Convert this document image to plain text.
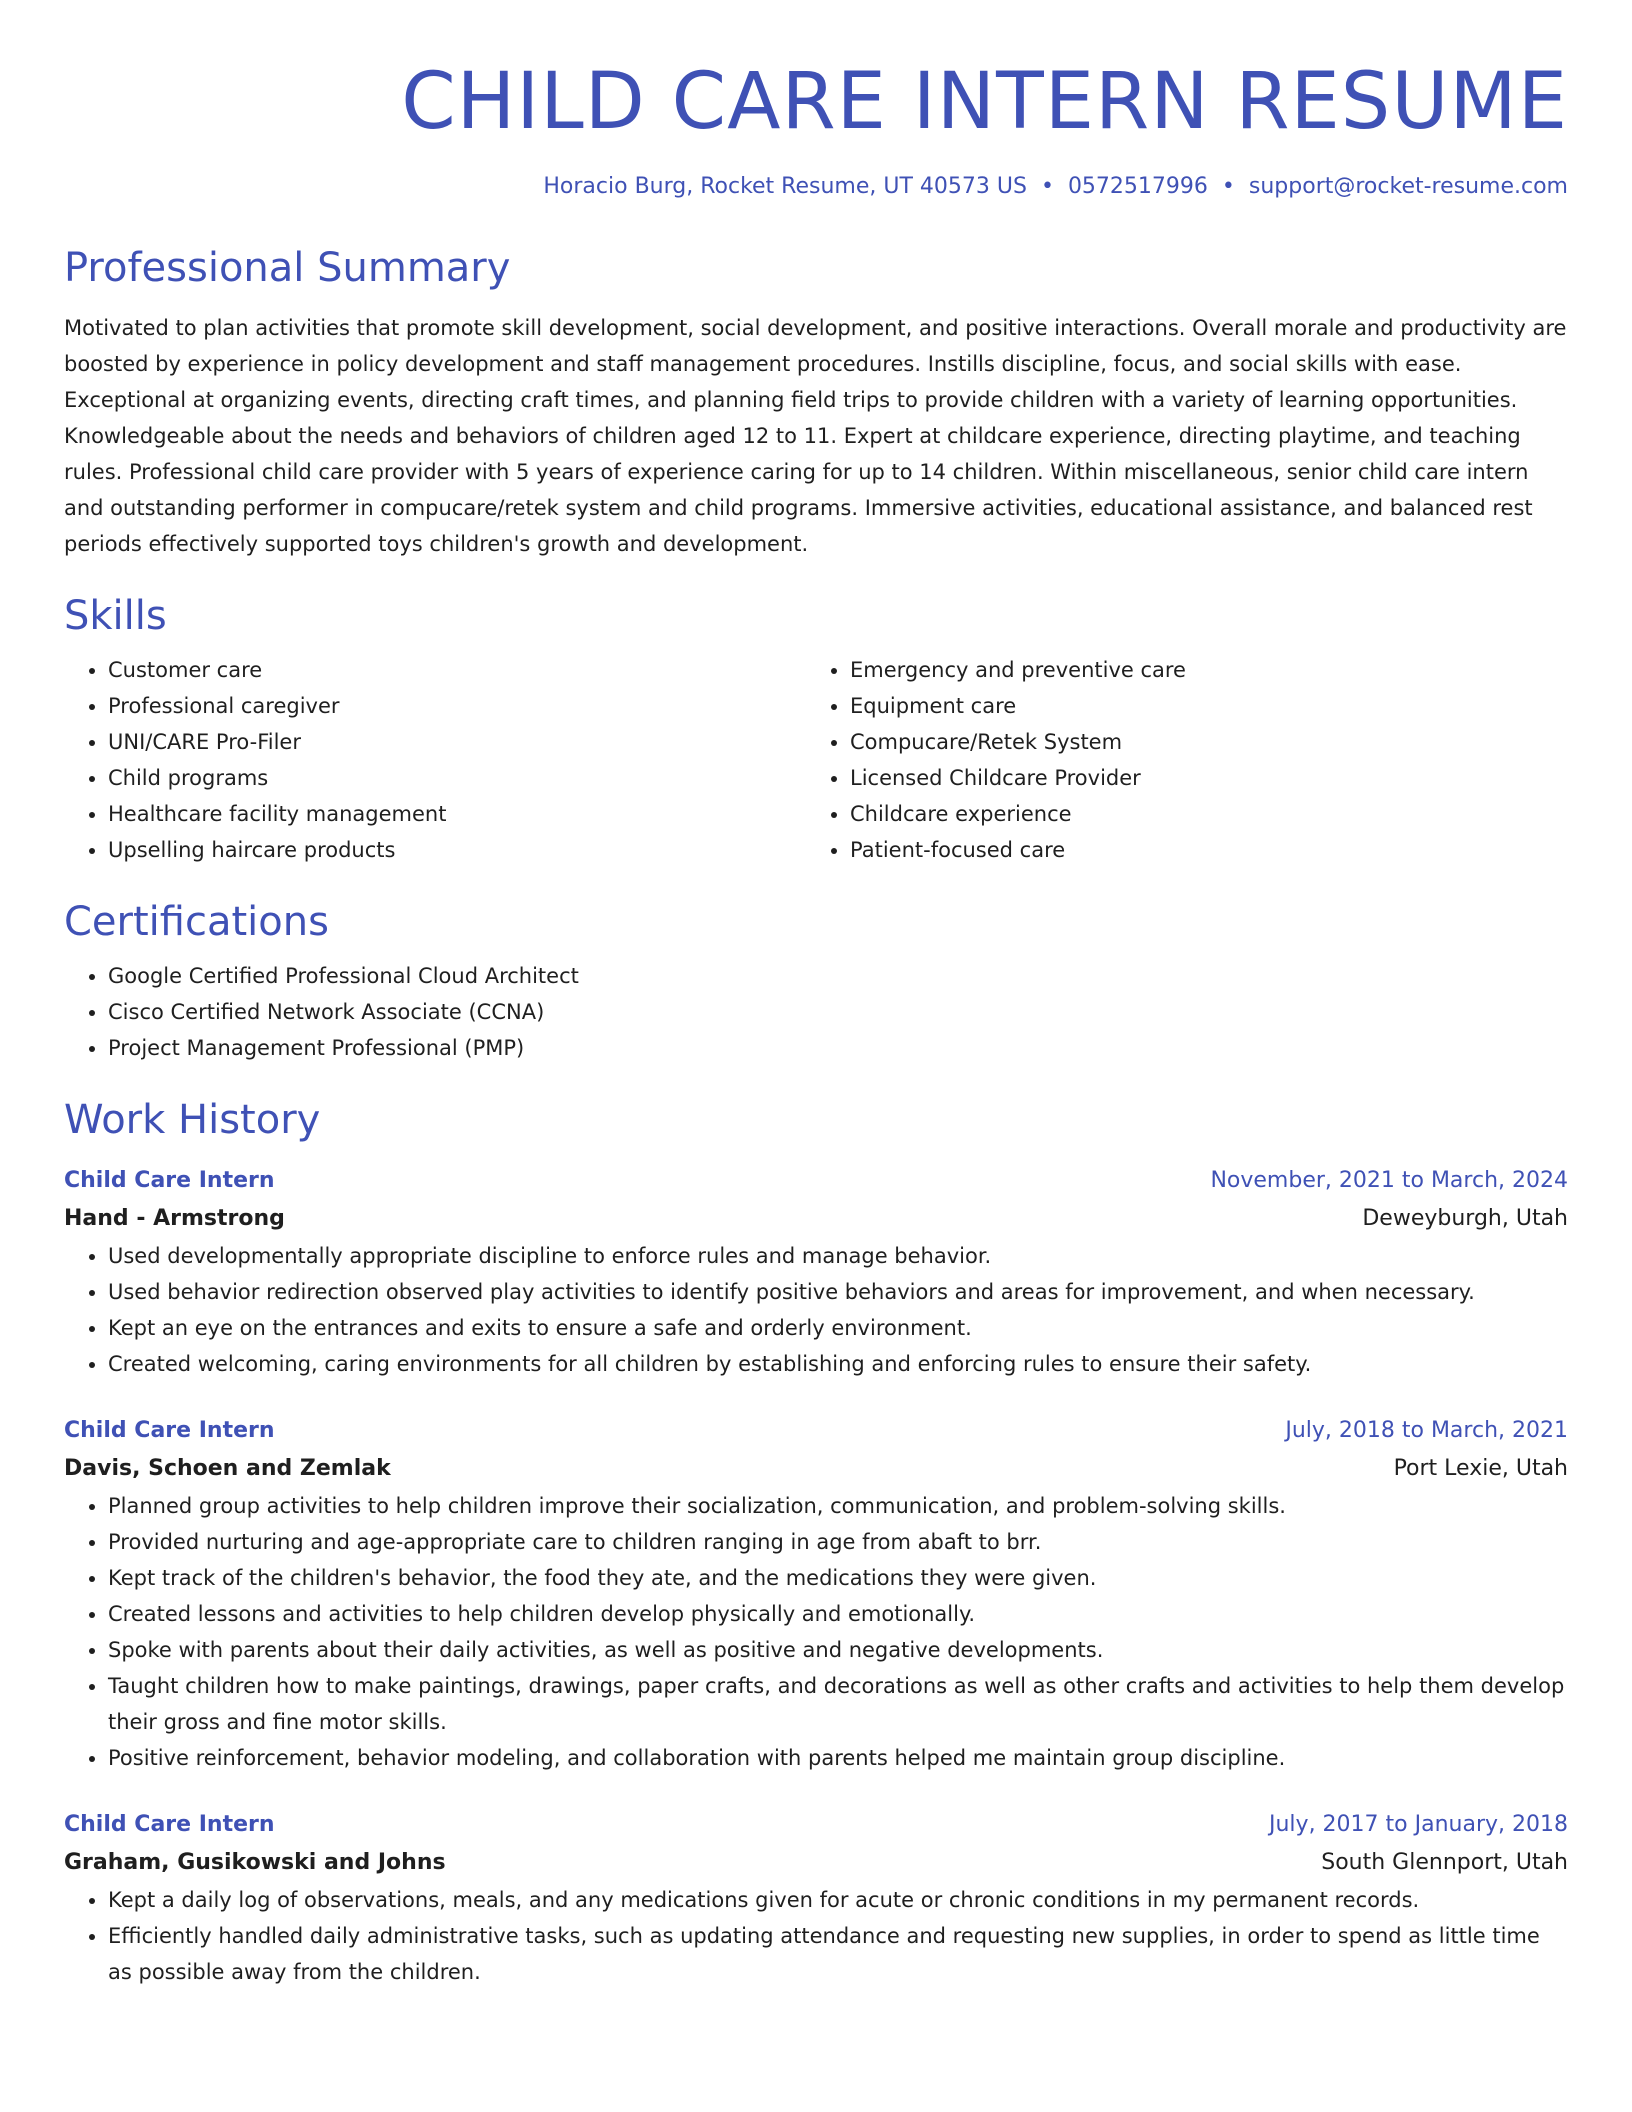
CHILD CARE INTERN RESUME
Horacio Burg, Rocket Resume, UT 40573 US • 0572517996 • support@rocket-resume.com
Professional Summary

Motivated to plan activities that promote skill development, social development, and positive interactions. Overall morale and productivity are boosted by experience in policy development and staff management procedures. Instills discipline, focus, and social skills with ease. Exceptional at organizing events, directing craft times, and planning field trips to provide children with a variety of learning opportunities. Knowledgeable about the needs and behaviors of children aged 12 to 11. Expert at childcare experience, directing playtime, and teaching rules. Professional child care provider with 5 years of experience caring for up to 14 children. Within miscellaneous, senior child care intern and outstanding performer in compucare/retek system and child programs. Immersive activities, educational assistance, and balanced rest periods effectively supported toys children's growth and development.

Skills
• Customer care
• Professional caregiver
• UNI/CARE Pro-Filer
• Child programs
• Healthcare facility management
• Upselling haircare products
• Emergency and preventive care
• Equipment care
• Compucare/Retek System
• Licensed Childcare Provider
• Childcare experience
• Patient-focused care
Certifications
• Google Certified Professional Cloud Architect
• Cisco Certified Network Associate (CCNA)
• Project Management Professional (PMP)
Work History
Child Care Intern	November, 2021 to March, 2024
Hand - Armstrong	Deweyburgh, Utah
• Used developmentally appropriate discipline to enforce rules and manage behavior.
• Used behavior redirection observed play activities to identify positive behaviors and areas for improvement, and when necessary.
• Kept an eye on the entrances and exits to ensure a safe and orderly environment.
• Created welcoming, caring environments for all children by establishing and enforcing rules to ensure their safety.
Child Care Intern	July, 2018 to March, 2021
Davis, Schoen and Zemlak	Port Lexie, Utah
• Planned group activities to help children improve their socialization, communication, and problem-solving skills.
• Provided nurturing and age-appropriate care to children ranging in age from abaft to brr.
• Kept track of the children's behavior, the food they ate, and the medications they were given.
• Created lessons and activities to help children develop physically and emotionally.
• Spoke with parents about their daily activities, as well as positive and negative developments.
• Taught children how to make paintings, drawings, paper crafts, and decorations as well as other crafts and activities to help them develop their gross and fine motor skills.
• Positive reinforcement, behavior modeling, and collaboration with parents helped me maintain group discipline.
Child Care Intern	July, 2017 to January, 2018
Graham, Gusikowski and Johns	South Glennport, Utah
• Kept a daily log of observations, meals, and any medications given for acute or chronic conditions in my permanent records.
• Efficiently handled daily administrative tasks, such as updating attendance and requesting new supplies, in order to spend as little time as possible away from the children.
